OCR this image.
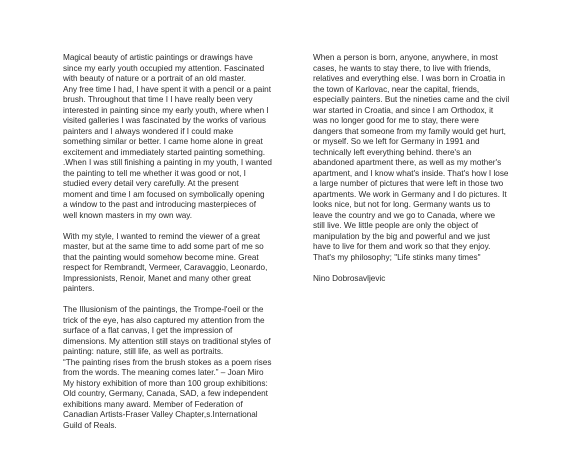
Magical beauty of artistic paintings or drawings have
since my early youth occupied my attention. Fascinated
with beauty of nature or a portrait of an old master.
Any free time I had, I have spent it with a pencil or a paint
brush. Throughout that time I I have really been very
interested in painting since my early youth, where when I
visited galleries I was fascinated by the works of various
painters and I always wondered if I could make
something similar or better. I came home alone in great
excitement and immediately started painting something.
.When I was still finishing a painting in my youth, I wanted
the painting to tell me whether it was good or not, I
studied every detail very carefully. At the present
moment and time I am focused on symbolically opening
a window to the past and introducing masterpieces of
well known masters in my own way.
With my style, I wanted to remind the viewer of a great
master, but at the same time to add some part of me so
that the painting would somehow become mine. Great
respect for Rembrandt, Vermeer, Caravaggio, Leonardo,
Impressionists, Renoir, Manet and many other great
painters.
The Illusionism of the paintings, the Trompe-l'oeil or the
trick of the eye, has also captured my attention from the
surface of a flat canvas, I get the impression of
dimensions. My attention still stays on traditional styles of
painting: nature, still life, as well as portraits.
“The painting rises from the brush stokes as a poem rises
from the words. The meaning comes later.” – Joan Miro
My history exhibition of more than 100 group exhibitions:
Old country, Germany, Canada, SAD, a few independent
exhibitions many award. Member of Federation of
Canadian Artists-Fraser Valley Chapter,s.International
Guild of Reals.
When a person is born, anyone, anywhere, in most
cases, he wants to stay there, to live with friends,
relatives and everything else. I was born in Croatia in
the town of Karlovac, near the capital, friends,
especially painters. But the nineties came and the civil
war started in Croatia, and since I am Orthodox, it
was no longer good for me to stay, there were
dangers that someone from my family would get hurt,
or myself. So we left for Germany in 1991 and
technically left everything behind. there's an
abandoned apartment there, as well as my mother's
apartment, and I know what's inside. That's how I lose
a large number of pictures that were left in those two
apartments. We work in Germany and I do pictures. It
looks nice, but not for long. Germany wants us to
leave the country and we go to Canada, where we
still live. We little people are only the object of
manipulation by the big and powerful and we just
have to live for them and work so that they enjoy.
That's my philosophy; "Life stinks many times"
Nino Dobrosavljevic
